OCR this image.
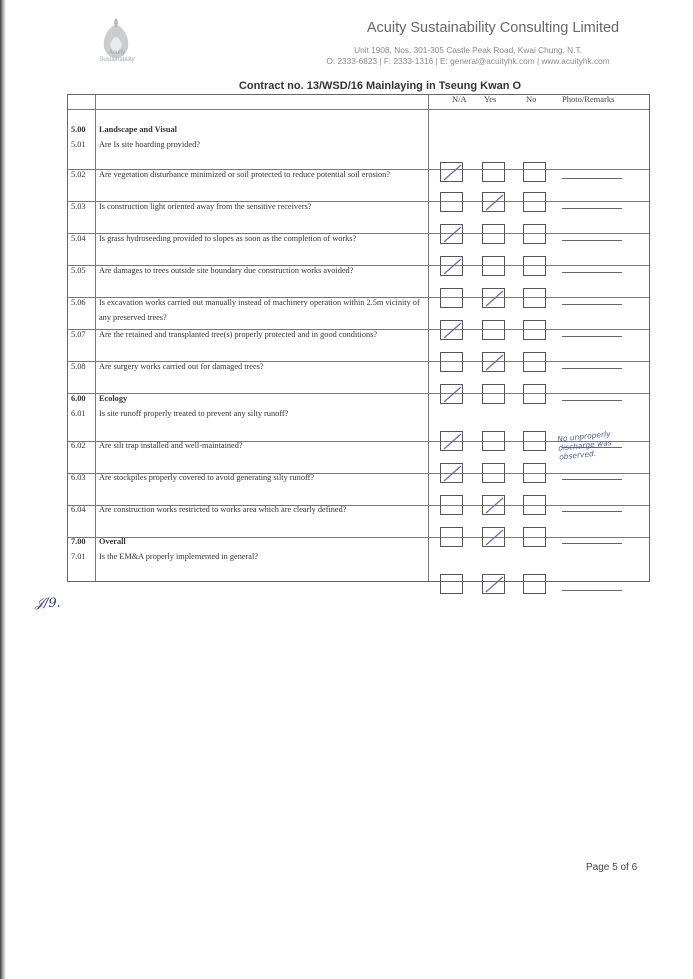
Acuity
Sustainability
Acuity Sustainability Consulting Limited
Unit 1908, Nos. 301-305 Castle Peak Road, Kwai Chung, N.T.
O: 2333-6823 | F: 2333-1316 | E: general@acuityhk.com | www.acuityhk.com
Contract no. 13/WSD/16 Mainlaying in Tseung Kwan O
N/A Yes	No	Photo/Remarks
5.00 Landscape and Visual
5.01 Are Is site hoarding provided?
5.02 Are vegetation disturbance minimized or soil protected to reduce potential soil erosion?
5.03 Is construction light oriented away from the sensitive receivers?
5.04 Is grass hydroseeding provided to slopes as soon as the completion of works?
5.05 Are damages to trees outside site boundary due construction works avoided?
5.06 Is excavation works carried out manually instead of machinery operation within 2.5m vicinity of
any preserved trees?
5.07 Are the retained and transplanted tree(s) properly protected and in good conditions?
5.08 Are surgery works carried out for damaged trees?
6.00 Ecology
6.01 Is site runoff properly treated to prevent any silty runoff?
No unproperly discharge was observed.
6.02 Are silt trap installed and well-maintained?
6.03 Are stockpiles properly covered to avoid generating silty runoff?
6.04 Are construction works restricted to works area which are clearly defined?
7.00 Overall
7.01 Is the EM&A properly implemented in general?
𝒥/9.
Page 5 of 6
